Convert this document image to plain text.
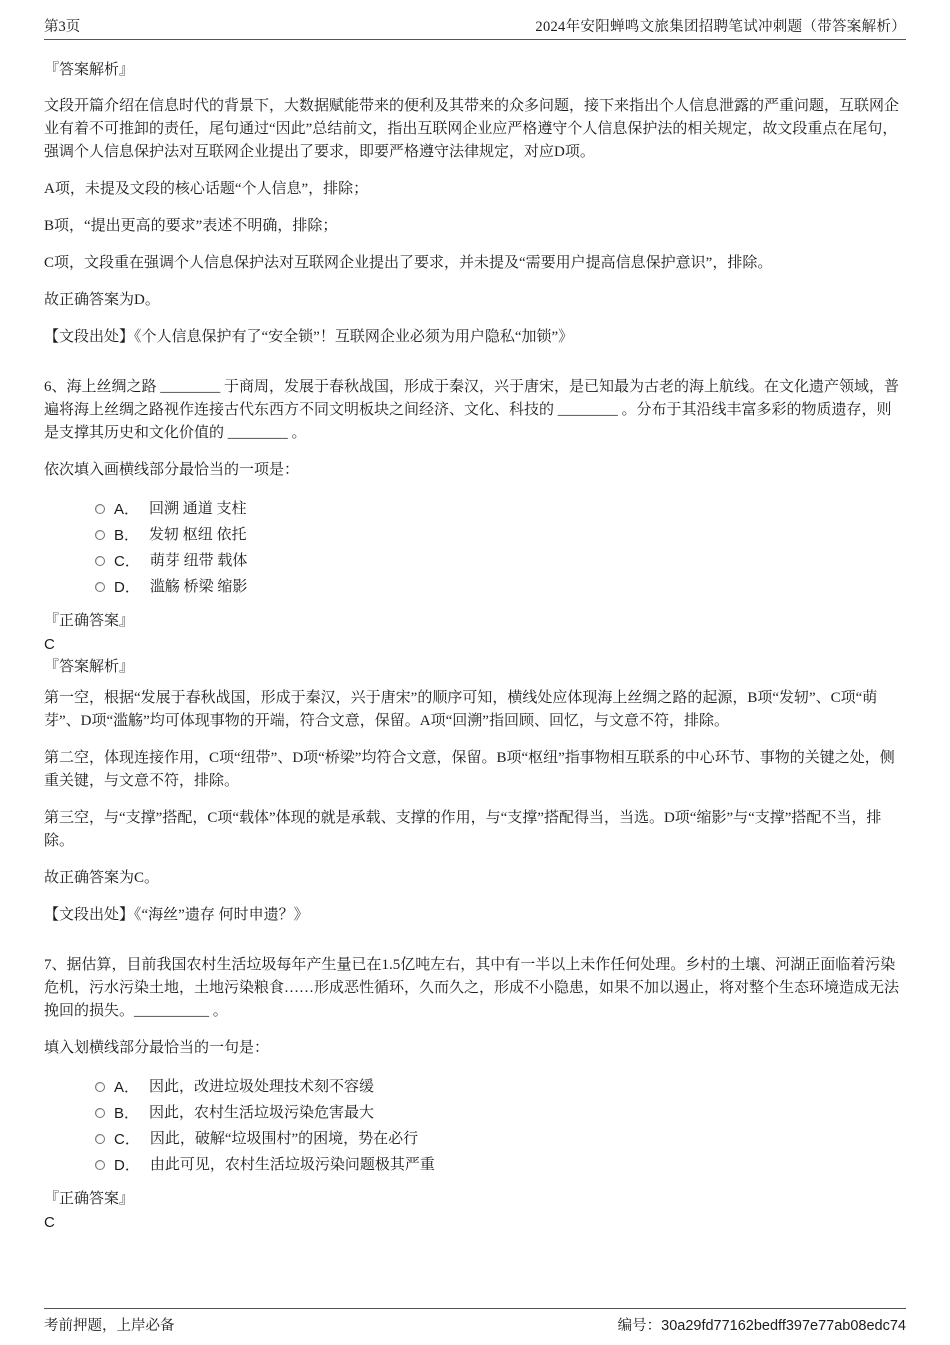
第3页	2024年安阳蝉鸣文旅集团招聘笔试冲刺题（带答案解析）

『答案解析』

文段开篇介绍在信息时代的背景下，大数据赋能带来的便利及其带来的众多问题，接下来指出个人信息泄露的严重问题，互联网企业有着不可推卸的责任，尾句通过“因此”总结前文，指出互联网企业应严格遵守个人信息保护法的相关规定，故文段重点在尾句，强调个人信息保护法对互联网企业提出了要求，即要严格遵守法律规定，对应D项。

A项，未提及文段的核心话题“个人信息”，排除；

B项，“提出更高的要求”表述不明确，排除；

C项，文段重在强调个人信息保护法对互联网企业提出了要求，并未提及“需要用户提高信息保护意识”，排除。

故正确答案为D。

【文段出处】《个人信息保护有了“安全锁”！互联网企业必须为用户隐私“加锁”》

6、海上丝绸之路 ________ 于商周，发展于春秋战国，形成于秦汉，兴于唐宋，是已知最为古老的海上航线。在文化遗产领域，普遍将海上丝绸之路视作连接古代东西方不同文明板块之间经济、文化、科技的 ________ 。分布于其沿线丰富多彩的物质遗存，则是支撑其历史和文化价值的 ________ 。

依次填入画横线部分最恰当的一项是：

A． 回溯 通道 支柱
B． 发轫 枢纽 依托
C． 萌芽 纽带 载体
D． 滥觞 桥梁 缩影

『正确答案』

C

『答案解析』

第一空，根据“发展于春秋战国，形成于秦汉，兴于唐宋”的顺序可知，横线处应体现海上丝绸之路的起源，B项“发轫”、C项“萌芽”、D项“滥觞”均可体现事物的开端，符合文意，保留。A项“回溯”指回顾、回忆，与文意不符，排除。

第二空，体现连接作用，C项“纽带”、D项“桥梁”均符合文意，保留。B项“枢纽”指事物相互联系的中心环节、事物的关键之处，侧重关键，与文意不符，排除。

第三空，与“支撑”搭配，C项“载体”体现的就是承载、支撑的作用，与“支撑”搭配得当，当选。D项“缩影”与“支撑”搭配不当，排除。

故正确答案为C。

【文段出处】《“海丝”遗存 何时申遗？》

7、据估算，目前我国农村生活垃圾每年产生量已在1.5亿吨左右，其中有一半以上未作任何处理。乡村的土壤、河湖正面临着污染危机，污水污染土地，土地污染粮食……形成恶性循环，久而久之，形成不小隐患，如果不加以遏止，将对整个生态环境造成无法挽回的损失。__________ 。

填入划横线部分最恰当的一句是：

A． 因此，改进垃圾处理技术刻不容缓
B． 因此，农村生活垃圾污染危害最大
C． 因此，破解“垃圾围村”的困境，势在必行
D． 由此可见，农村生活垃圾污染问题极其严重

『正确答案』

C

考前押题，上岸必备	编号：30a29fd77162bedff397e77ab08edc74
